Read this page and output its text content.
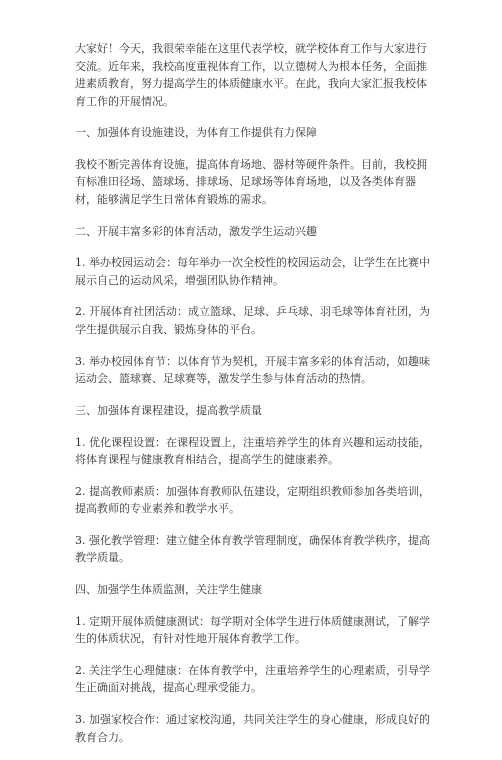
大家好！今天，我很荣幸能在这里代表学校，就学校体育工作与大家进行交流。近年来，我校高度重视体育工作，以立德树人为根本任务，全面推进素质教育，努力提高学生的体质健康水平。在此，我向大家汇报我校体育工作的开展情况。

一、加强体育设施建设，为体育工作提供有力保障

我校不断完善体育设施，提高体育场地、器材等硬件条件。目前，我校拥有标准田径场、篮球场、排球场、足球场等体育场地，以及各类体育器材，能够满足学生日常体育锻炼的需求。

二、开展丰富多彩的体育活动，激发学生运动兴趣

1. 举办校园运动会：每年举办一次全校性的校园运动会，让学生在比赛中展示自己的运动风采，增强团队协作精神。

2. 开展体育社团活动：成立篮球、足球、乒乓球、羽毛球等体育社团，为学生提供展示自我、锻炼身体的平台。

3. 举办校园体育节：以体育节为契机，开展丰富多彩的体育活动，如趣味运动会、篮球赛、足球赛等，激发学生参与体育活动的热情。

三、加强体育课程建设，提高教学质量

1. 优化课程设置：在课程设置上，注重培养学生的体育兴趣和运动技能，将体育课程与健康教育相结合，提高学生的健康素养。

2. 提高教师素质：加强体育教师队伍建设，定期组织教师参加各类培训，提高教师的专业素养和教学水平。

3. 强化教学管理：建立健全体育教学管理制度，确保体育教学秩序，提高教学质量。

四、加强学生体质监测，关注学生健康

1. 定期开展体质健康测试：每学期对全体学生进行体质健康测试，了解学生的体质状况，有针对性地开展体育教学工作。

2. 关注学生心理健康：在体育教学中，注重培养学生的心理素质，引导学生正确面对挑战，提高心理承受能力。

3. 加强家校合作：通过家校沟通，共同关注学生的身心健康，形成良好的教育合力。
